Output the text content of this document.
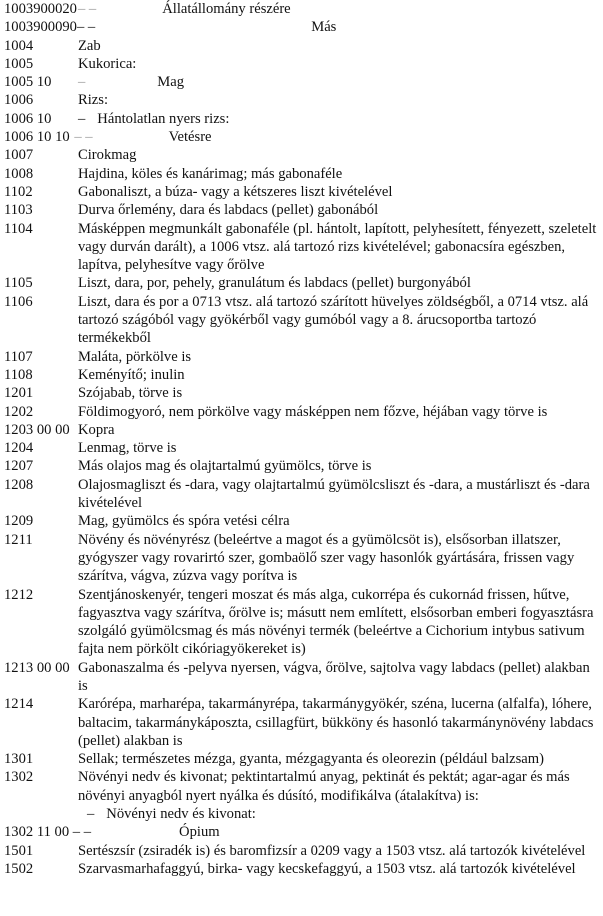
1003900020– –	Állatállomány részére
1003900090– –	Más
1004	Zab
1005	Kukorica:
1005 10	–	Mag
1006	Rizs:
1006 10	– Hántolatlan nyers rizs:
1006 10 10 – –	Vetésre
1007	Cirokmag
1008	Hajdina, köles és kanárimag; más gabonaféle
1102	Gabonaliszt, a búza- vagy a kétszeres liszt kivételével
1103	Durva őrlemény, dara és labdacs (pellet) gabonából
1104	Másképpen megmunkált gabonaféle (pl. hántolt, lapított, pelyhesített, fényezett, szeletelt vagy durván darált), a 1006 vtsz. alá tartozó rizs kivételével; gabonacsíra egészben, lapítva, pelyhesítve vagy őrölve
1105	Liszt, dara, por, pehely, granulátum és labdacs (pellet) burgonyából
1106	Liszt, dara és por a 0713 vtsz. alá tartozó szárított hüvelyes zöldségből, a 0714 vtsz. alá tartozó szágóból vagy gyökérből vagy gumóból vagy a 8. árucsoportba tartozó termékekből
1107	Maláta, pörkölve is
1108	Keményítő; inulin
1201	Szójabab, törve is
1202	Földimogyoró, nem pörkölve vagy másképpen nem főzve, héjában vagy törve is
1203 00 00 Kopra
1204	Lenmag, törve is
1207	Más olajos mag és olajtartalmú gyümölcs, törve is
1208	Olajosmagliszt és -dara, vagy olajtartalmú gyümölcsliszt és -dara, a mustárliszt és -dara kivételével
1209	Mag, gyümölcs és spóra vetési célra
1211	Növény és növényrész (beleértve a magot és a gyümölcsöt is), elsősorban illatszer, gyógyszer vagy rovarirtó szer, gombaölő szer vagy hasonlók gyártására, frissen vagy szárítva, vágva, zúzva vagy porítva is
1212	Szentjánoskenyér, tengeri moszat és más alga, cukorrépa és cukornád frissen, hűtve, fagyasztva vagy szárítva, őrölve is; másutt nem említett, elsősorban emberi fogyasztásra szolgáló gyümölcsmag és más növényi termék (beleértve a Cichorium intybus sativum fajta nem pörkölt cikóriagyökereket is)
1213 00 00 Gabonaszalma és -pelyva nyersen, vágva, őrölve, sajtolva vagy labdacs (pellet) alakban is
1214	Karórépa, marharépa, takarmányrépa, takarmánygyökér, széna, lucerna (alfalfa), lóhere, baltacim, takarmánykáposzta, csillagfürt, bükköny és hasonló takarmánynövény labdacs (pellet) alakban is
1301	Sellak; természetes mézga, gyanta, mézgagyanta és oleorezin (például balzsam)
1302	Növényi nedv és kivonat; pektintartalmú anyag, pektinát és pektát; agar-agar és más növényi anyagból nyert nyálka és dúsító, modifikálva (átalakítva) is:
– Növényi nedv és kivonat:
1302 11 00 – –	Ópium
1501	Sertészsír (zsiradék is) és baromfizsír a 0209 vagy a 1503 vtsz. alá tartozók kivételével
1502	Szarvasmarhafaggyú, birka- vagy kecskefaggyú, a 1503 vtsz. alá tartozók kivételével
